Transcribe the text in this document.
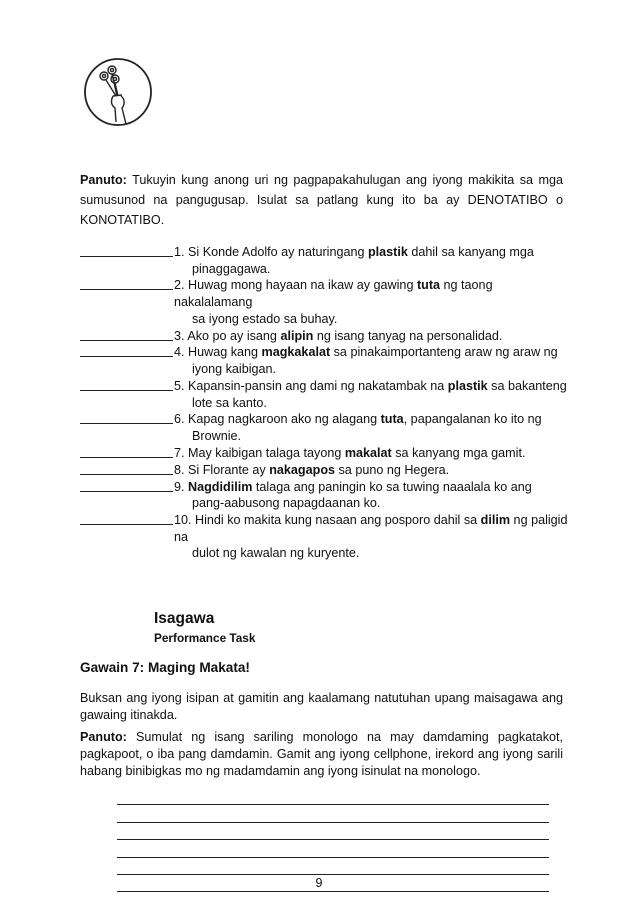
Panuto: Tukuyin kung anong uri ng pagpapakahulugan ang iyong makikita sa mga sumusunod na pangugusap. Isulat sa patlang kung ito ba ay DENOTATIBO o KONOTATIBO.
1. Si Konde Adolfo ay naturingang plastik dahil sa kanyang mga
pinaggagawa.
2. Huwag mong hayaan na ikaw ay gawing tuta ng taong nakalalamang
sa iyong estado sa buhay.
3. Ako po ay isang alipin ng isang tanyag na personalidad.
4. Huwag kang magkakalat sa pinakaimportanteng araw ng araw ng
iyong kaibigan.
5. Kapansin-pansin ang dami ng nakatambak na plastik sa bakanteng
lote sa kanto.
6. Kapag nagkaroon ako ng alagang tuta, papangalanan ko ito ng
Brownie.
7. May kaibigan talaga tayong makalat sa kanyang mga gamit.
8. Si Florante ay nakagapos sa puno ng Hegera.
9. Nagdidilim talaga ang paningin ko sa tuwing naaalala ko ang
pang-aabusong napagdaanan ko.
10. Hindi ko makita kung nasaan ang posporo dahil sa dilim ng paligid na
dulot ng kawalan ng kuryente.
Isagawa
Performance Task
Gawain 7: Maging Makata!
Buksan ang iyong isipan at gamitin ang kaalamang natutuhan upang maisagawa ang gawaing itinakda.
Panuto: Sumulat ng isang sariling monologo na may damdaming pagkatakot, pagkapoot, o iba pang damdamin. Gamit ang iyong cellphone, irekord ang iyong sarili habang binibigkas mo ng madamdamin ang iyong isinulat na monologo.
9
